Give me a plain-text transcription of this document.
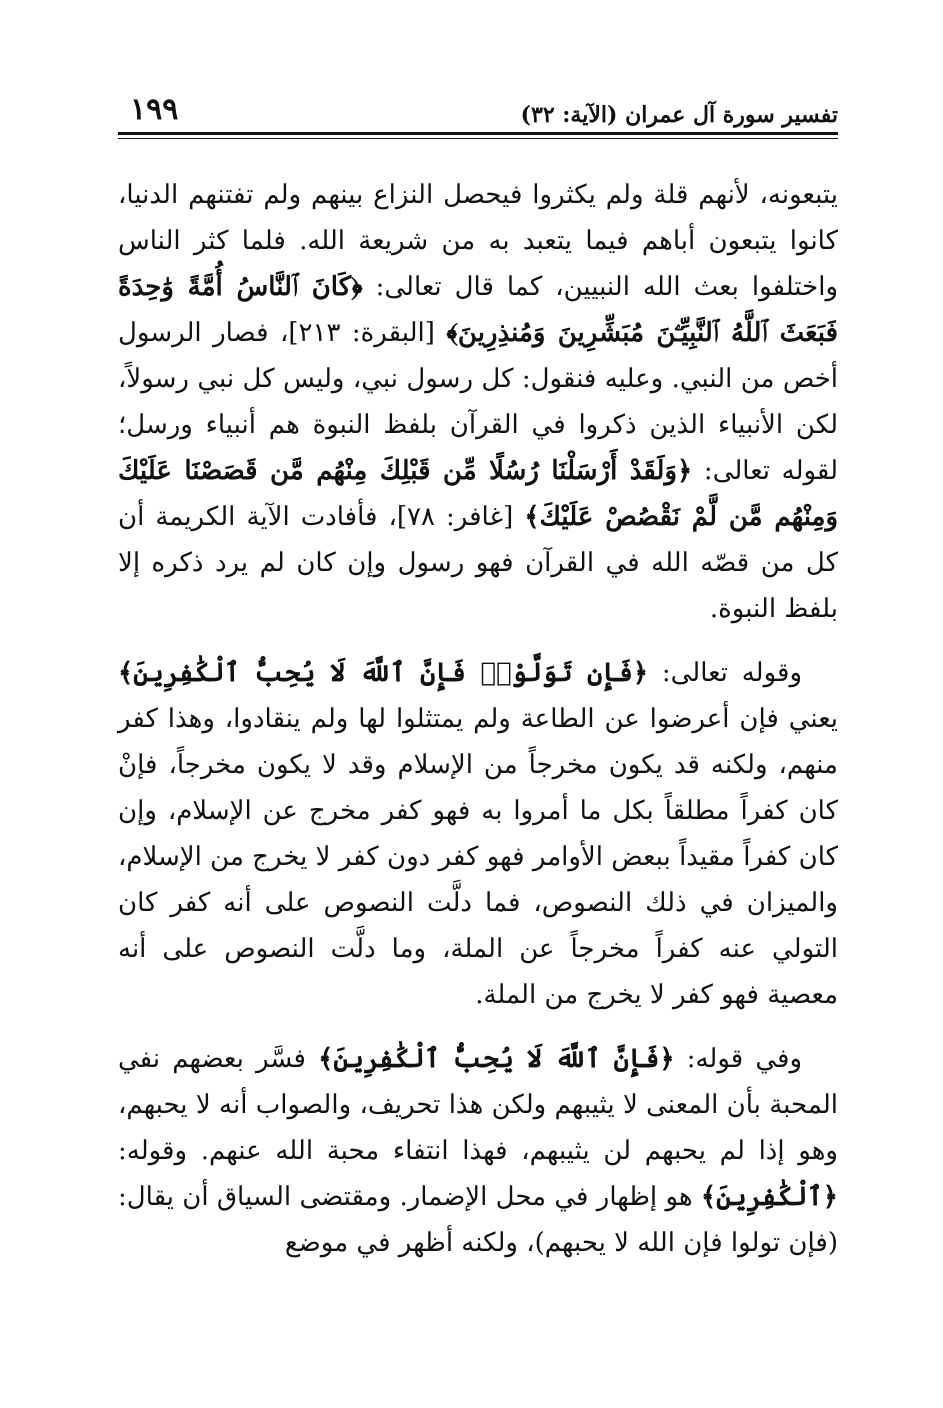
تفسير سورة آل عمران (الآية: ٣٢)
١٩٩

يتبعونه، لأنهم قلة ولم يكثروا فيحصل النزاع بينهم ولم تفتنهم الدنيا، كانوا يتبعون أباهم فيما يتعبد به من شريعة الله. فلما كثر الناس واختلفوا بعث الله النبيين، كما قال تعالى: ﴿كَانَ ٱلنَّاسُ أُمَّةً وَٰحِدَةً فَبَعَثَ ٱللَّهُ ٱلنَّبِيِّـۧنَ مُبَشِّرِينَ وَمُنذِرِينَ﴾ [البقرة: ٢١٣]، فصار الرسول أخص من النبي. وعليه فنقول: كل رسول نبي، وليس كل نبي رسولاً، لكن الأنبياء الذين ذكروا في القرآن بلفظ النبوة هم أنبياء ورسل؛ لقوله تعالى: ﴿وَلَقَدْ أَرْسَلْنَا رُسُلًا مِّن قَبْلِكَ مِنْهُم مَّن قَصَصْنَا عَلَيْكَ وَمِنْهُم مَّن لَّمْ نَقْصُصْ عَلَيْكَ﴾ [غافر: ٧٨]، فأفادت الآية الكريمة أن كل من قصّه الله في القرآن فهو رسول وإن كان لم يرد ذكره إلا بلفظ النبوة.

وقوله تعالى: ﴿فَإِن تَوَلَّوْا۟ فَإِنَّ ٱللَّهَ لَا يُحِبُّ ٱلْكَٰفِرِينَ﴾ يعني فإن أعرضوا عن الطاعة ولم يمتثلوا لها ولم ينقادوا، وهذا كفر منهم، ولكنه قد يكون مخرجاً من الإسلام وقد لا يكون مخرجاً، فإنْ كان كفراً مطلقاً بكل ما أمروا به فهو كفر مخرج عن الإسلام، وإن كان كفراً مقيداً ببعض الأوامر فهو كفر دون كفر لا يخرج من الإسلام، والميزان في ذلك النصوص، فما دلَّت النصوص على أنه كفر كان التولي عنه كفراً مخرجاً عن الملة، وما دلَّت النصوص على أنه معصية فهو كفر لا يخرج من الملة.

وفي قوله: ﴿فَإِنَّ ٱللَّهَ لَا يُحِبُّ ٱلْكَٰفِرِينَ﴾ فسَّر بعضهم نفي المحبة بأن المعنى لا يثيبهم ولكن هذا تحريف، والصواب أنه لا يحبهم، وهو إذا لم يحبهم لن يثيبهم، فهذا انتفاء محبة الله عنهم. وقوله: ﴿ٱلْكَٰفِرِينَ﴾ هو إظهار في محل الإضمار. ومقتضى السياق أن يقال: (فإن تولوا فإن الله لا يحبهم)، ولكنه أظهر في موضع
